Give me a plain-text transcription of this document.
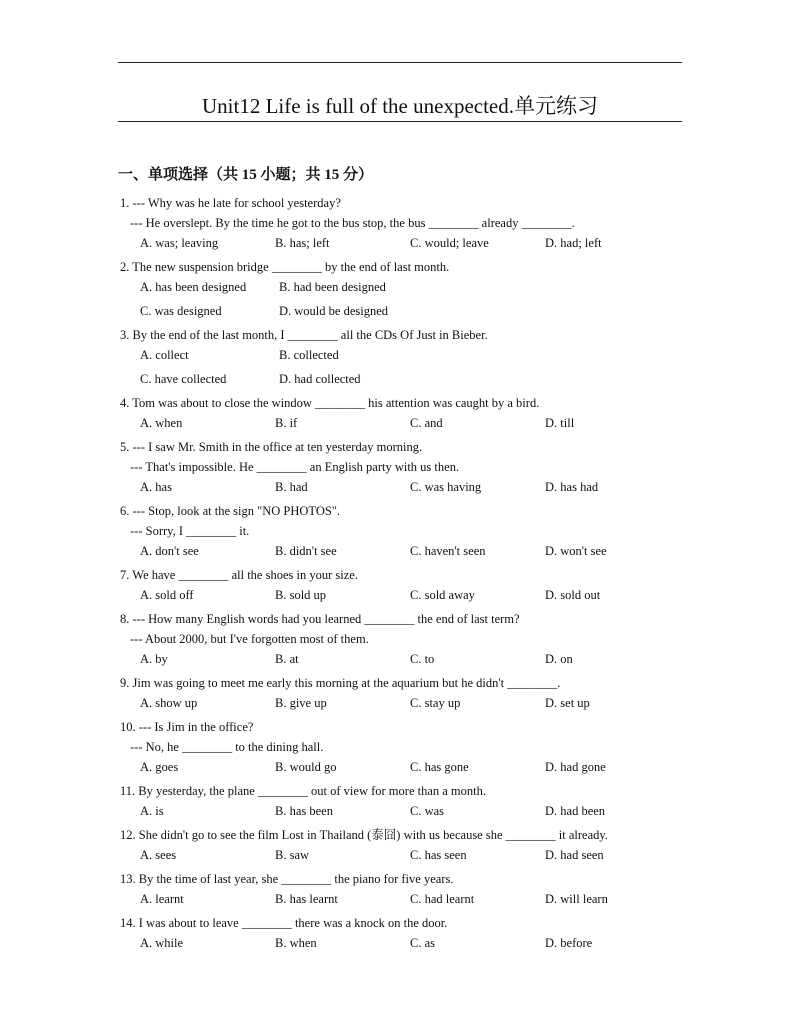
Unit12 Life is full of the unexpected.单元练习
一、单项选择（共 15 小题；共 15 分）
1. --- Why was he late for school yesterday?
--- He overslept. By the time he got to the bus stop, the bus ________ already ________.
A. was; leaving	B. has; left	C. would; leave	D. had; left
2. The new suspension bridge ________ by the end of last month.
A. has been designed	B. had been designed
C. was designed	D. would be designed
3. By the end of the last month, I ________ all the CDs Of Just in Bieber.
A. collect	B. collected
C. have collected	D. had collected
4. Tom was about to close the window ________ his attention was caught by a bird.
A. when	B. if	C. and	D. till
5. --- I saw Mr. Smith in the office at ten yesterday morning.
--- That's impossible. He ________ an English party with us then.
A. has	B. had	C. was having	D. has had
6. --- Stop, look at the sign "NO PHOTOS".
--- Sorry, I ________ it.
A. don't see	B. didn't see	C. haven't seen	D. won't see
7. We have ________ all the shoes in your size.
A. sold off	B. sold up	C. sold away	D. sold out
8. --- How many English words had you learned ________ the end of last term?
--- About 2000, but I've forgotten most of them.
A. by	B. at	C. to	D. on
9. Jim was going to meet me early this morning at the aquarium but he didn't ________.
A. show up	B. give up	C. stay up	D. set up
10. --- Is Jim in the office?
--- No, he ________ to the dining hall.
A. goes	B. would go	C. has gone	D. had gone
11. By yesterday, the plane ________ out of view for more than a month.
A. is	B. has been	C. was	D. had been
12. She didn't go to see the film Lost in Thailand (泰囧) with us because she ________ it already.
A. sees	B. saw	C. has seen	D. had seen
13. By the time of last year, she ________ the piano for five years.
A. learnt	B. has learnt	C. had learnt	D. will learn
14. I was about to leave ________ there was a knock on the door.
A. while	B. when	C. as	D. before
